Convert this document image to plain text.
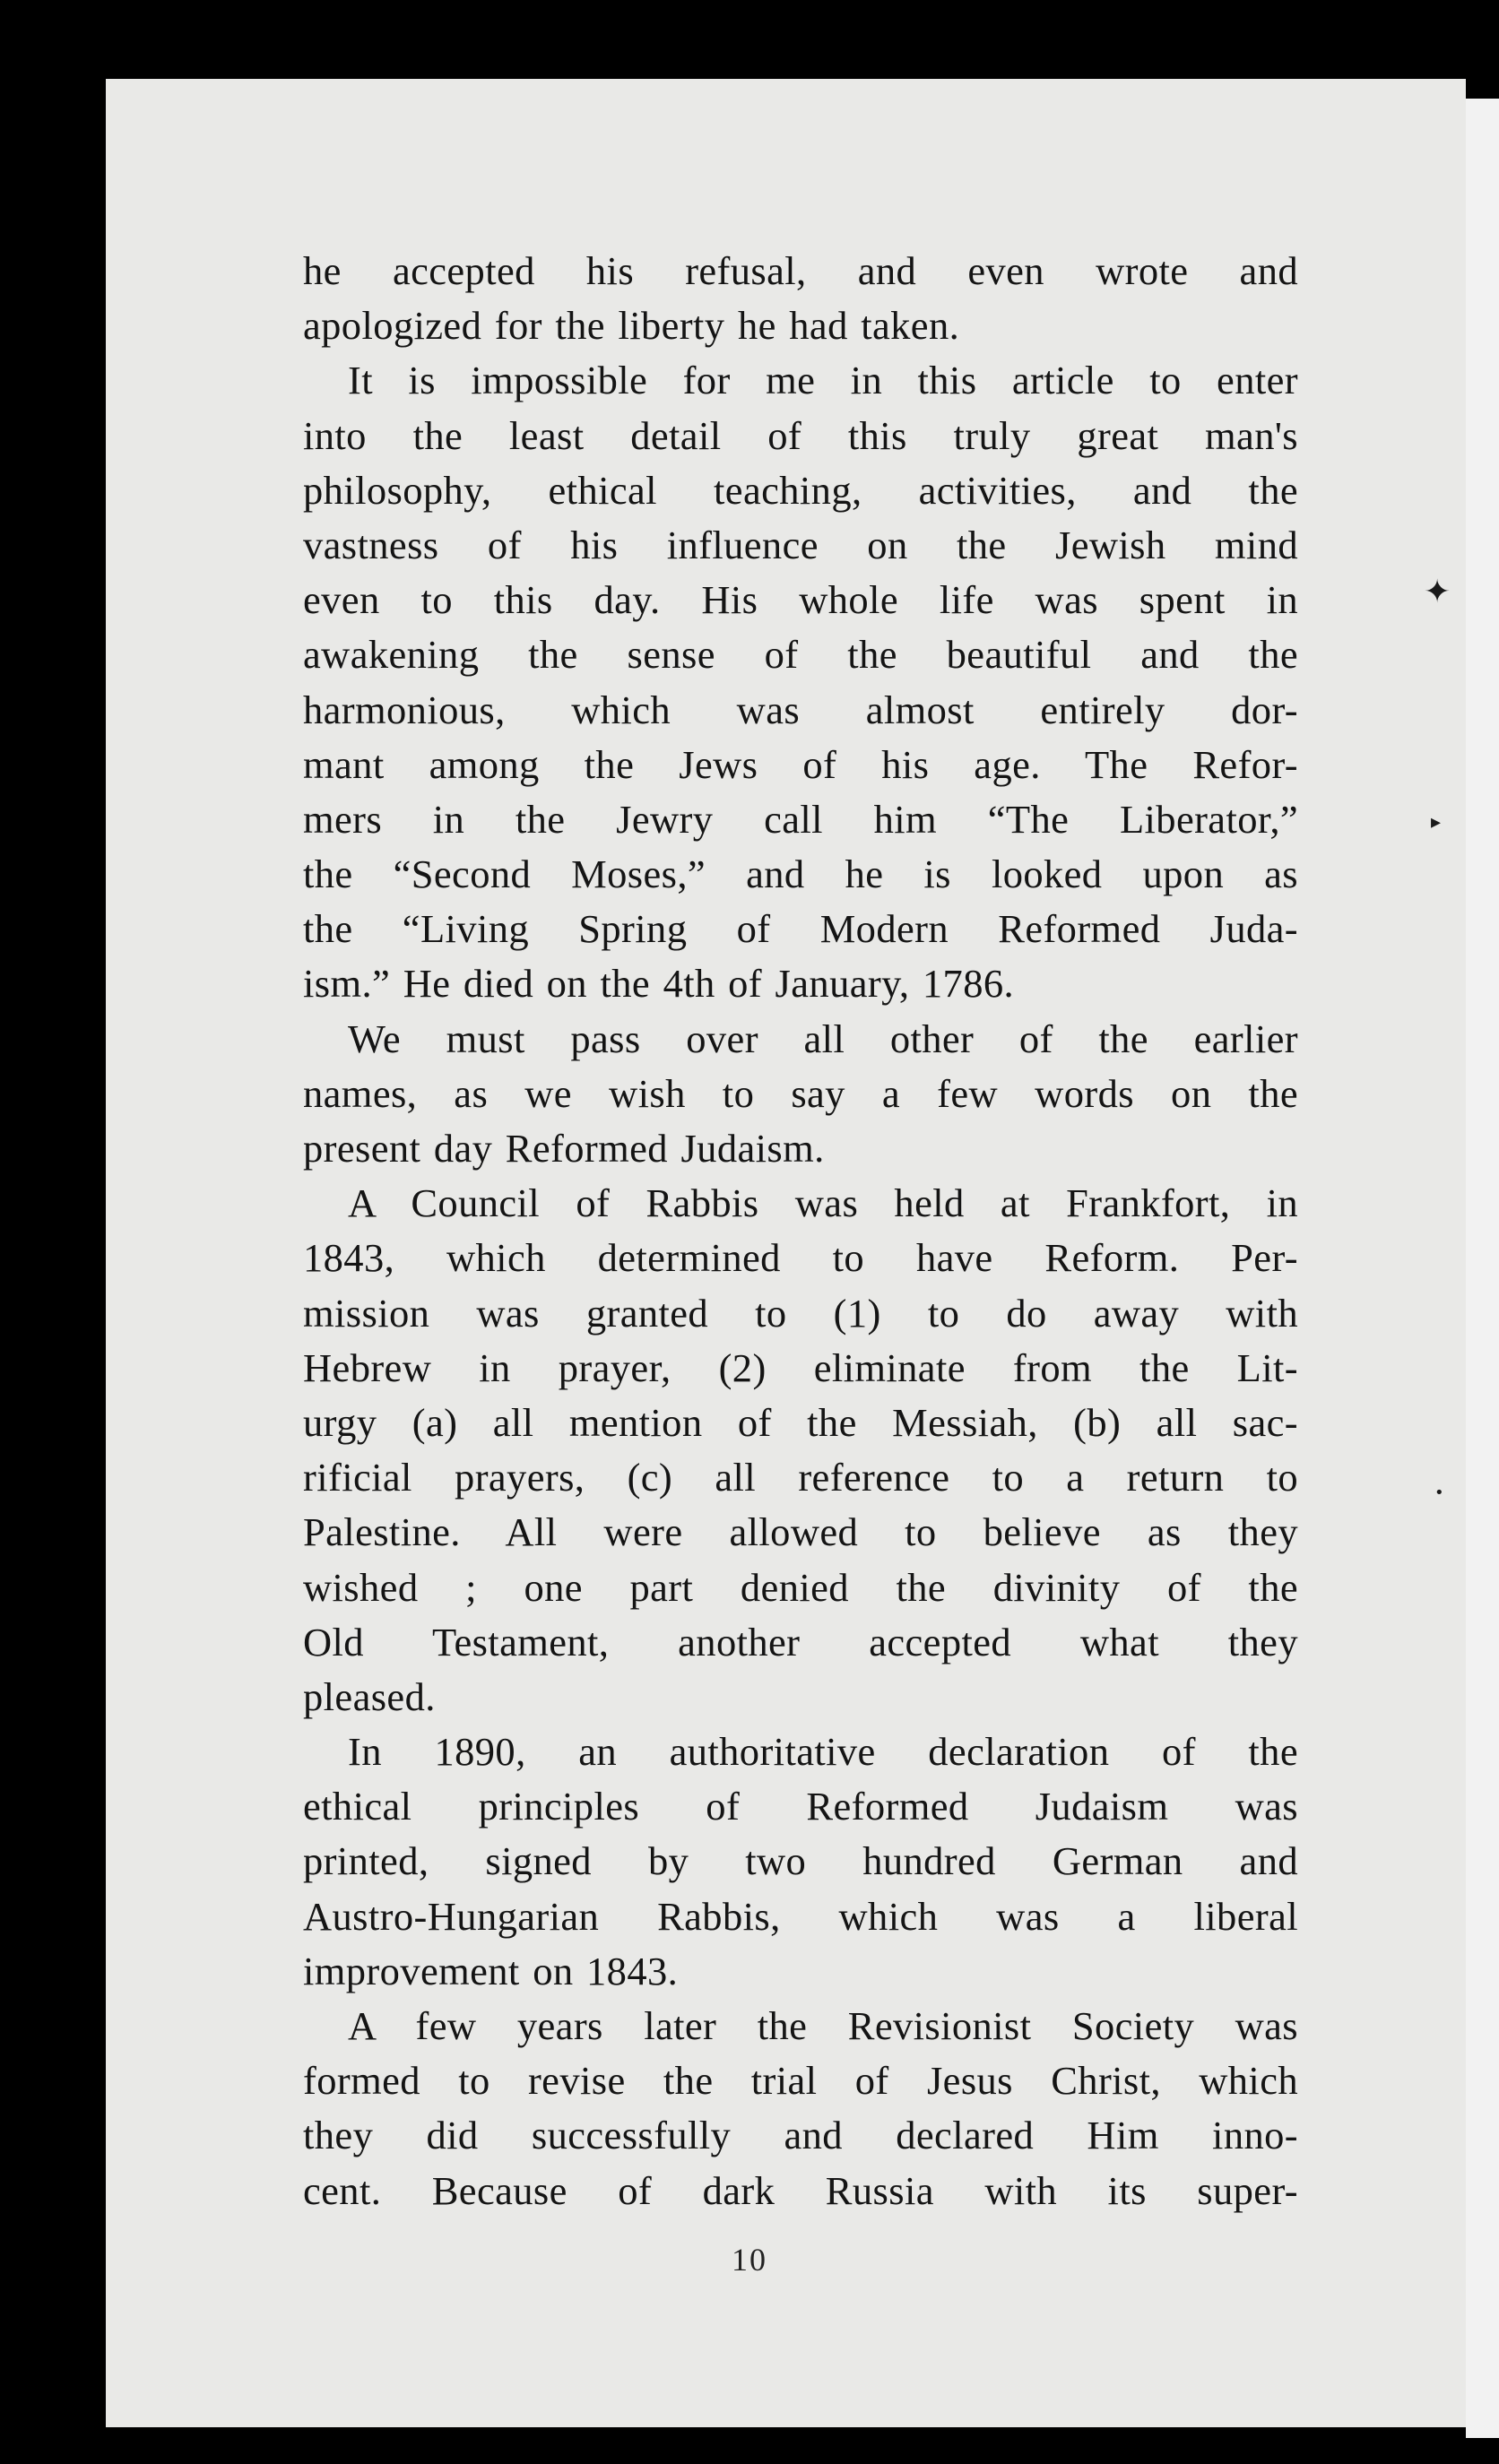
he accepted his refusal, and even wrote and
apologized for the liberty he had taken.
It is impossible for me in this article to enter
into the least detail of this truly great man's
philosophy, ethical teaching, activities, and the
vastness of his influence on the Jewish mind
even to this day. His whole life was spent in
awakening the sense of the beautiful and the
harmonious, which was almost entirely dor-
mant among the Jews of his age. The Refor-
mers in the Jewry call him “The Liberator,”
the “Second Moses,” and he is looked upon as
the “Living Spring of Modern Reformed Juda-
ism.” He died on the 4th of January, 1786.
We must pass over all other of the earlier
names, as we wish to say a few words on the
present day Reformed Judaism.
A Council of Rabbis was held at Frankfort, in
1843, which determined to have Reform. Per-
mission was granted to (1) to do away with
Hebrew in prayer, (2) eliminate from the Lit-
urgy (a) all mention of the Messiah, (b) all sac-
rificial prayers, (c) all reference to a return to
Palestine. All were allowed to believe as they
wished ; one part denied the divinity of the
Old Testament, another accepted what they
pleased.
In 1890, an authoritative declaration of the
ethical principles of Reformed Judaism was
printed, signed by two hundred German and
Austro-Hungarian Rabbis, which was a liberal
improvement on 1843.
A few years later the Revisionist Society was
formed to revise the trial of Jesus Christ, which
they did successfully and declared Him inno-
cent. Because of dark Russia with its super-
10
✦
▸
•
